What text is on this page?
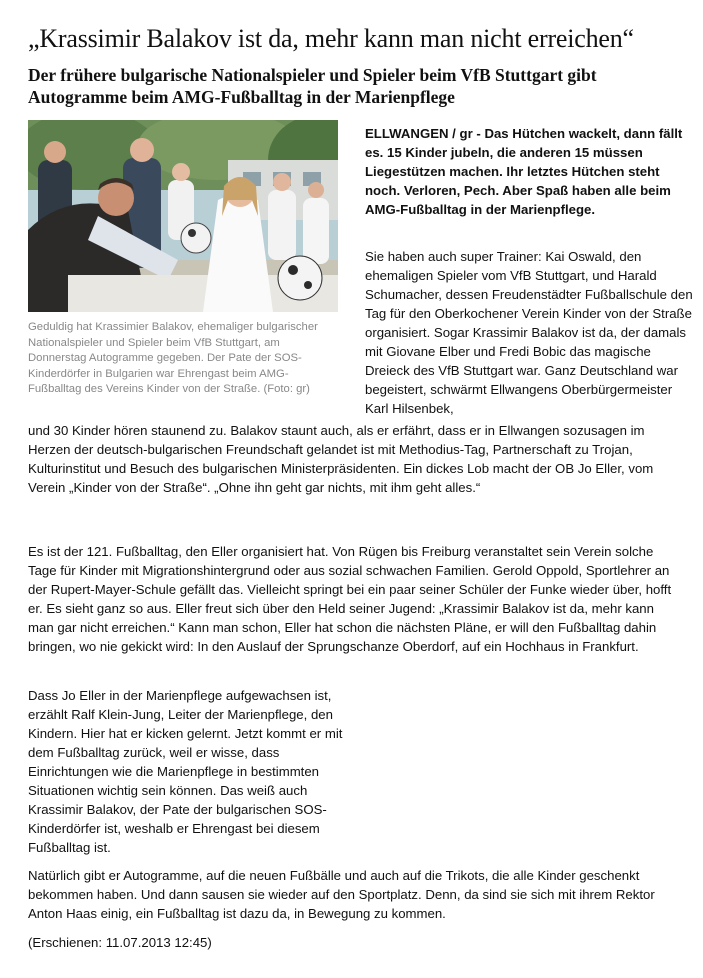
„Krassimir Balakov ist da, mehr kann man nicht erreichen“
Der frühere bulgarische Nationalspieler und Spieler beim VfB Stuttgart gibt Autogramme beim AMG-Fußballtag in der Marienpflege
Geduldig hat Krassimier Balakov, ehemaliger bulgarischer Nationalspieler und Spieler beim VfB Stuttgart, am Donnerstag Autogramme gegeben. Der Pate der SOS-Kinderdörfer in Bulgarien war Ehrengast beim AMG-Fußballtag des Vereins Kinder von der Straße. (Foto: gr)
ELLWANGEN / gr - Das Hütchen wackelt, dann fällt es. 15 Kinder jubeln, die anderen 15 müssen Liegestützen machen. Ihr letztes Hütchen steht noch. Verloren, Pech. Aber Spaß haben alle beim AMG-Fußballtag in der Marienpflege.
Sie haben auch super Trainer: Kai Oswald, den ehemaligen Spieler vom VfB Stuttgart, und Harald Schumacher, dessen Freudenstädter Fußballschule den Tag für den Oberkochener Verein Kinder von der Straße organisiert. Sogar Krassimir Balakov ist da, der damals mit Giovane Elber und Fredi Bobic das magische Dreieck des VfB Stuttgart war. Ganz Deutschland war begeistert, schwärmt Ellwangens Oberbürgermeister Karl Hilsenbek,
und 30 Kinder hören staunend zu. Balakov staunt auch, als er erfährt, dass er in Ellwangen sozusagen im Herzen der deutsch-bulgarischen Freundschaft gelandet ist mit Methodius-Tag, Partnerschaft zu Trojan, Kulturinstitut und Besuch des bulgarischen Ministerpräsidenten. Ein dickes Lob macht der OB Jo Eller, vom Verein „Kinder von der Straße“. „Ohne ihn geht gar nichts, mit ihm geht alles.“
Es ist der 121. Fußballtag, den Eller organisiert hat. Von Rügen bis Freiburg veranstaltet sein Verein solche Tage für Kinder mit Migrationshintergrund oder aus sozial schwachen Familien. Gerold Oppold, Sportlehrer an der Rupert-Mayer-Schule gefällt das. Vielleicht springt bei ein paar seiner Schüler der Funke wieder über, hofft er. Es sieht ganz so aus. Eller freut sich über den Held seiner Jugend: „Krassimir Balakov ist da, mehr kann man gar nicht erreichen.“ Kann man schon, Eller hat schon die nächsten Pläne, er will den Fußballtag dahin bringen, wo nie gekickt wird: In den Auslauf der Sprungschanze Oberdorf, auf ein Hochhaus in Frankfurt.
Dass Jo Eller in der Marienpflege aufgewachsen ist, erzählt Ralf Klein-Jung, Leiter der Marienpflege, den Kindern. Hier hat er kicken gelernt. Jetzt kommt er mit dem Fußballtag zurück, weil er wisse, dass Einrichtungen wie die Marienpflege in bestimmten Situationen wichtig sein können. Das weiß auch Krassimir Balakov, der Pate der bulgarischen SOS-Kinderdörfer ist, weshalb er Ehrengast bei diesem Fußballtag ist.
Natürlich gibt er Autogramme, auf die neuen Fußbälle und auch auf die Trikots, die alle Kinder geschenkt bekommen haben. Und dann sausen sie wieder auf den Sportplatz. Denn, da sind sie sich mit ihrem Rektor Anton Haas einig, ein Fußballtag ist dazu da, in Bewegung zu kommen.
(Erschienen: 11.07.2013 12:45)
